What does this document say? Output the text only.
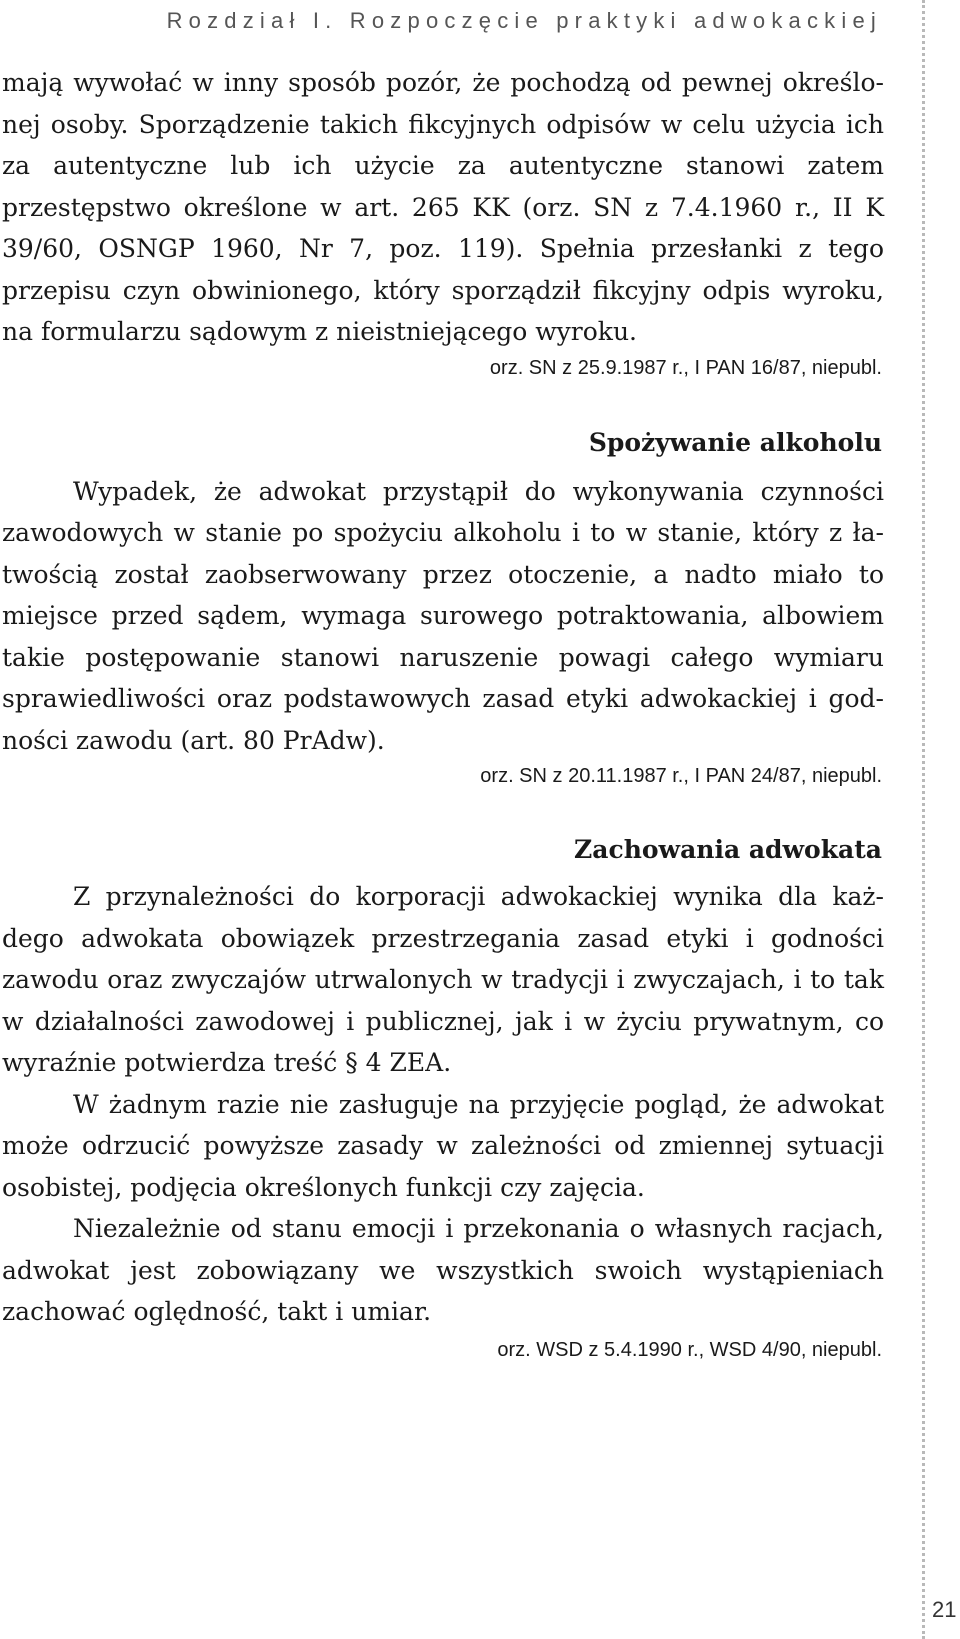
Rozdział I. Rozpoczęcie praktyki adwokackiej
21

mają wywołać w inny sposób pozór, że pochodzą od pewnej określonej osoby. Sporządzenie takich fikcyjnych odpisów w celu użycia ich za autentyczne lub ich użycie za autentyczne stanowi zatem przestępstwo określone w art. 265 KK (orz. SN z 7.4.1960 r., II K 39/60, OSNGP 1960, Nr 7, poz. 119). Spełnia przesłanki z tego przepisu czyn obwinionego, który sporządził fikcyjny odpis wyroku, na formularzu sądowym z nieistniejącego wyroku.

orz. SN z 25.9.1987 r., I PAN 16/87, niepubl.
Spożywanie alkoholu

Wypadek, że adwokat przystąpił do wykonywania czynności zawodowych w stanie po spożyciu alkoholu i to w stanie, który z łatwością został zaobserwowany przez otoczenie, a nadto miało to miejsce przed sądem, wymaga surowego potraktowania, albowiem takie postępowanie stanowi naruszenie powagi całego wymiaru sprawiedliwości oraz podstawowych zasad etyki adwokackiej i godności zawodu (art. 80 PrAdw).

orz. SN z 20.11.1987 r., I PAN 24/87, niepubl.
Zachowania adwokata

Z przynależności do korporacji adwokackiej wynika dla każdego adwokata obowiązek przestrzegania zasad etyki i godności zawodu oraz zwyczajów utrwalonych w tradycji i zwyczajach, i to tak w działalności zawodowej i publicznej, jak i w życiu prywatnym, co wyraźnie potwierdza treść § 4 ZEA.

W żadnym razie nie zasługuje na przyjęcie pogląd, że adwokat może odrzucić powyższe zasady w zależności od zmiennej sytuacji osobistej, podjęcia określonych funkcji czy zajęcia.

Niezależnie od stanu emocji i przekonania o własnych racjach, adwokat jest zobowiązany we wszystkich swoich wystąpieniach zachować oględność, takt i umiar.

orz. WSD z 5.4.1990 r., WSD 4/90, niepubl.
